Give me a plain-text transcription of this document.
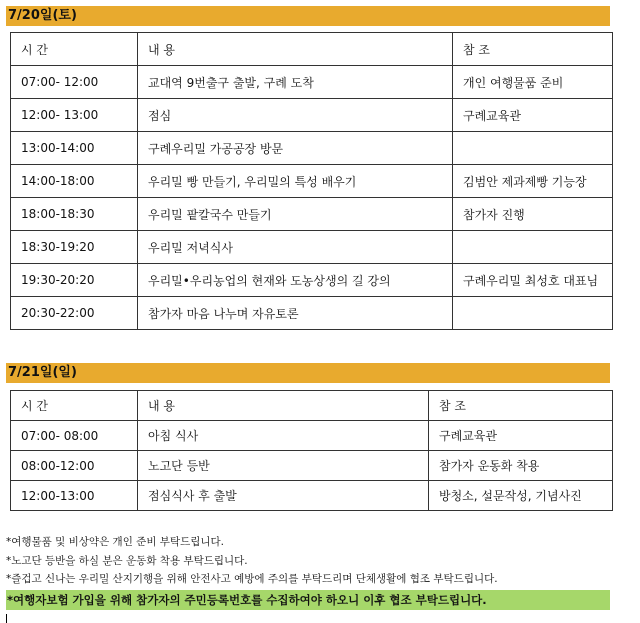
7/20일(토)
시 간	내 용	참 조
07:00- 12:00	교대역 9번출구 출발, 구례 도착	개인 여행물품 준비
12:00- 13:00	점심	구례교육관
13:00-14:00	구례우리밀 가공공장 방문	
14:00-18:00	우리밀 빵 만들기, 우리밀의 특성 배우기	김범안 제과제빵 기능장
18:00-18:30	우리밀 팥칼국수 만들기	참가자 진행
18:30-19:20	우리밀 저녁식사	
19:30-20:20	우리밀•우리농업의 현재와 도농상생의 길 강의	구례우리밀 최성호 대표님
20:30-22:00	참가자 마음 나누며 자유토론	
7/21일(일)
시 간	내 용	참 조
07:00- 08:00	아침 식사	구례교육관
08:00-12:00	노고단 등반	참가자 운동화 착용
12:00-13:00	점심식사 후 출발	방청소, 설문작성, 기념사진
*여행물품 및 비상약은 개인 준비 부탁드립니다.
*노고단 등반을 하실 분은 운동화 착용 부탁드립니다.
*즐겁고 신나는 우리밀 산지기행을 위해 안전사고 예방에 주의를 부탁드리며 단체생활에 협조 부탁드립니다.
*여행자보험 가입을 위해 참가자의 주민등록번호를 수집하여야 하오니 이후 협조 부탁드립니다.
